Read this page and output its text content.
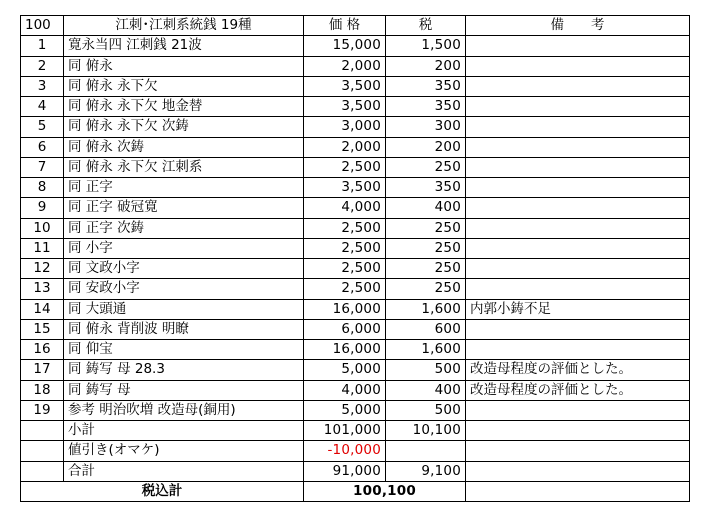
100	江刺･江刺系統銭 19種	価 格	税	備　　考
1	寛永当四 江刺銭 21波	15,000	1,500	
2	同 俯永	2,000	200	
3	同 俯永 永下欠	3,500	350	
4	同 俯永 永下欠 地金替	3,500	350	
5	同 俯永 永下欠 次鋳	3,000	300	
6	同 俯永 次鋳	2,000	200	
7	同 俯永 永下欠 江刺系	2,500	250	
8	同 正字	3,500	350	
9	同 正字 破冠寛	4,000	400	
10	同 正字 次鋳	2,500	250	
11	同 小字	2,500	250	
12	同 文政小字	2,500	250	
13	同 安政小字	2,500	250	
14	同 大頭通	16,000	1,600	内郭小鋳不足
15	同 俯永 背削波 明瞭	6,000	600	
16	同 仰宝	16,000	1,600	
17	同 鋳写 母 28.3	5,000	500	改造母程度の評価とした。
18	同 鋳写 母	4,000	400	改造母程度の評価とした。
19	参考 明治吹増 改造母(銅用)	5,000	500	
	小計	101,000	10,100	
	値引き(オマケ)	-10,000		
	合計	91,000	9,100	
税込計		100,100		
